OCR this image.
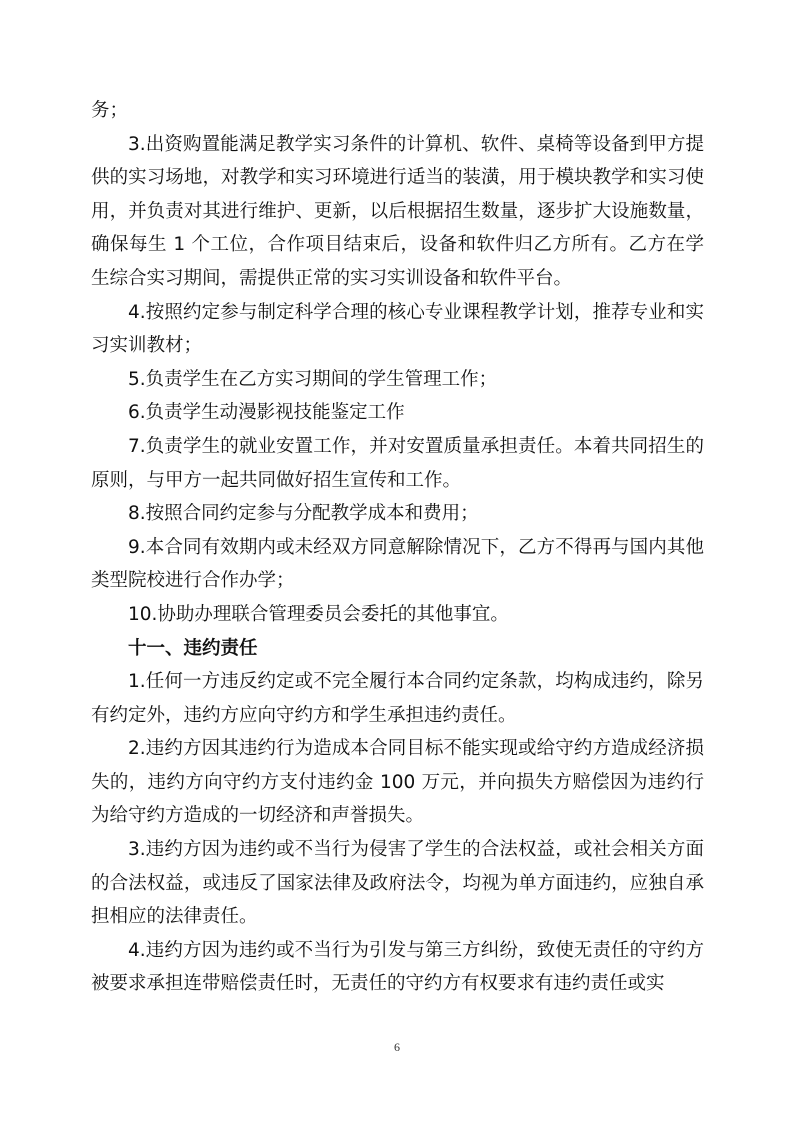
务；

3.出资购置能满足教学实习条件的计算机、软件、桌椅等设备到甲方提供的实习场地，对教学和实习环境进行适当的装潢，用于模块教学和实习使用，并负责对其进行维护、更新，以后根据招生数量，逐步扩大设施数量，确保每生 1 个工位，合作项目结束后，设备和软件归乙方所有。乙方在学生综合实习期间，需提供正常的实习实训设备和软件平台。

4.按照约定参与制定科学合理的核心专业课程教学计划，推荐专业和实习实训教材；

5.负责学生在乙方实习期间的学生管理工作；

6.负责学生动漫影视技能鉴定工作

7.负责学生的就业安置工作，并对安置质量承担责任。本着共同招生的原则，与甲方一起共同做好招生宣传和工作。

8.按照合同约定参与分配教学成本和费用；

9.本合同有效期内或未经双方同意解除情况下，乙方不得再与国内其他类型院校进行合作办学；

10.协助办理联合管理委员会委托的其他事宜。

十一、违约责任

1.任何一方违反约定或不完全履行本合同约定条款，均构成违约，除另有约定外，违约方应向守约方和学生承担违约责任。

2.违约方因其违约行为造成本合同目标不能实现或给守约方造成经济损失的，违约方向守约方支付违约金 100 万元，并向损失方赔偿因为违约行为给守约方造成的一切经济和声誉损失。

3.违约方因为违约或不当行为侵害了学生的合法权益，或社会相关方面的合法权益，或违反了国家法律及政府法令，均视为单方面违约，应独自承担相应的法律责任。

4.违约方因为违约或不当行为引发与第三方纠纷，致使无责任的守约方被要求承担连带赔偿责任时，无责任的守约方有权要求有违约责任或实

6
